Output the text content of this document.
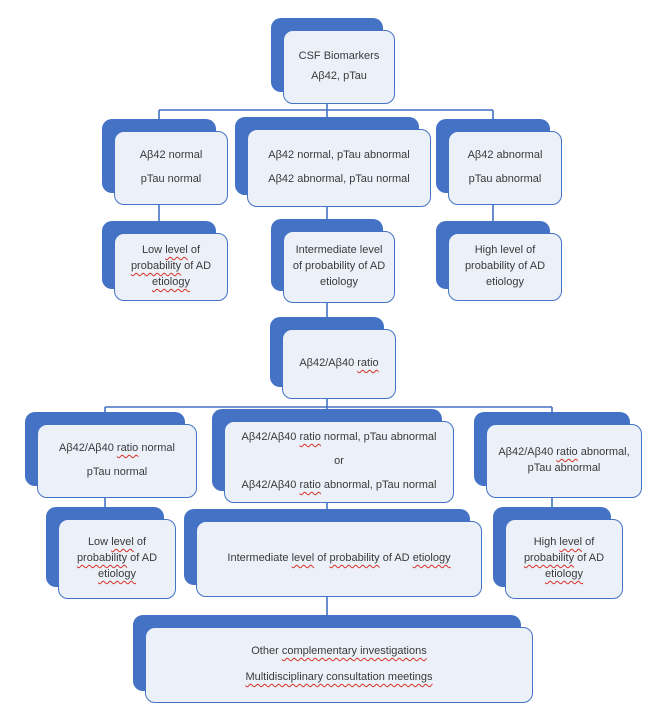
CSF Biomarkers
Aβ42, pTau
Aβ42 normal
pTau normal
Aβ42 normal, pTau abnormal
Aβ42 abnormal, pTau normal
Aβ42 abnormal
pTau abnormal
Low level of
probability of AD
etiology
Intermediate level
of probability of AD
etiology
High level of
probability of AD
etiology
Aβ42/Aβ40 ratio
Aβ42/Aβ40 ratio normal
pTau normal
Aβ42/Aβ40 ratio normal, pTau abnormal
or
Aβ42/Aβ40 ratio abnormal, pTau normal
Aβ42/Aβ40 ratio abnormal,
pTau abnormal
Low level of
probability of AD
etiology
Intermediate level of probability of AD etiology
High level of
probability of AD
etiology
Other complementary investigations
Multidisciplinary consultation meetings
